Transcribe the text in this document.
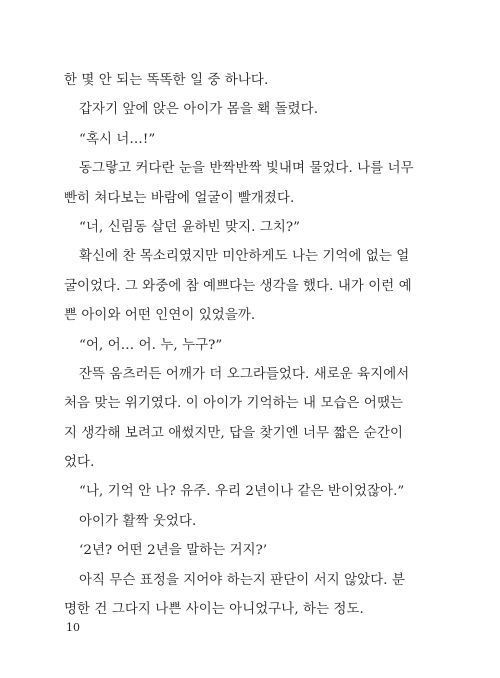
한 몇 안 되는 똑똑한 일 중 하나다.
갑자기 앞에 앉은 아이가 몸을 홱 돌렸다.
“혹시 너…!”
동그랗고 커다란 눈을 반짝반짝 빛내며 물었다. 나를 너무
빤히 쳐다보는 바람에 얼굴이 빨개졌다.
“너, 신림동 살던 윤하빈 맞지. 그치?”
확신에 찬 목소리였지만 미안하게도 나는 기억에 없는 얼
굴이었다. 그 와중에 참 예쁘다는 생각을 했다. 내가 이런 예
쁜 아이와 어떤 인연이 있었을까.
“어, 어… 어. 누, 누구?”
잔뜩 움츠러든 어깨가 더 오그라들었다. 새로운 육지에서
처음 맞는 위기였다. 이 아이가 기억하는 내 모습은 어땠는
지 생각해 보려고 애썼지만, 답을 찾기엔 너무 짧은 순간이
었다.
“나, 기억 안 나? 유주. 우리 2년이나 같은 반이었잖아.”
아이가 활짝 웃었다.
‘2년? 어떤 2년을 말하는 거지?’
아직 무슨 표정을 지어야 하는지 판단이 서지 않았다. 분
명한 건 그다지 나쁜 사이는 아니었구나, 하는 정도.
10
